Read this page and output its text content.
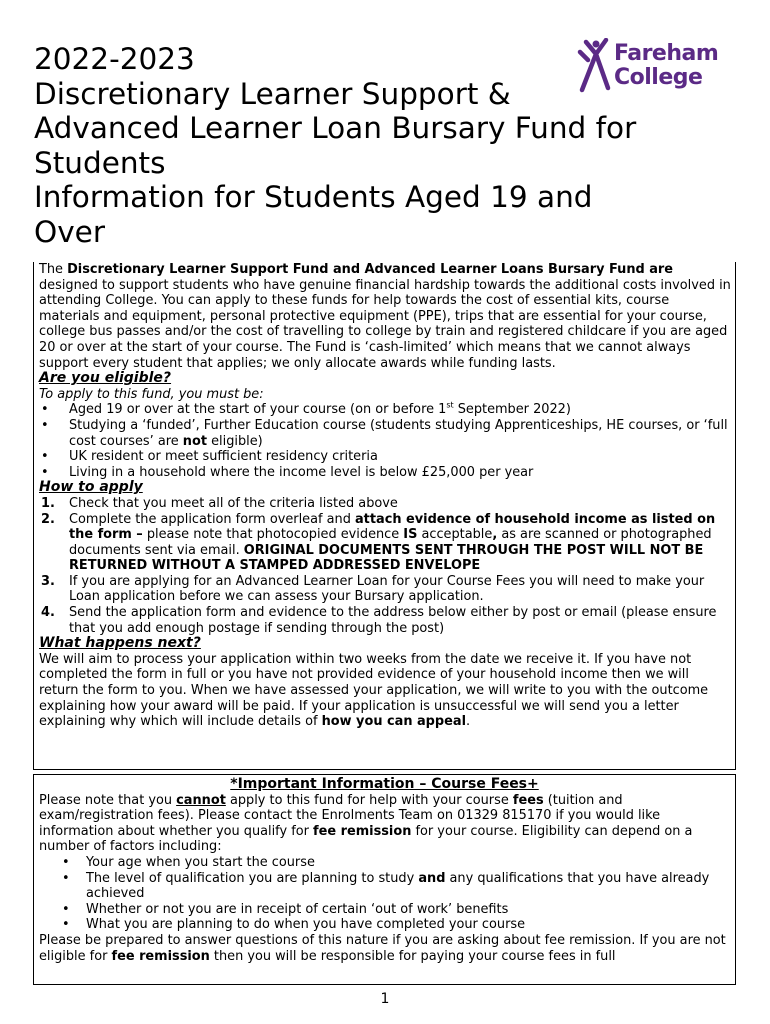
2022-2023
Discretionary Learner Support &
Advanced Learner Loan Bursary Fund for
Students
Information for Students Aged 19 and
Over
Fareham
College

The Discretionary Learner Support Fund and Advanced Learner Loans Bursary Fund are designed to support students who have genuine financial hardship towards the additional costs involved in attending College. You can apply to these funds for help towards the cost of essential kits, course materials and equipment, personal protective equipment (PPE), trips that are essential for your course, college bus passes and/or the cost of travelling to college by train and registered childcare if you are aged 20 or over at the start of your course. The Fund is ‘cash-limited’ which means that we cannot always support every student that applies; we only allocate awards while funding lasts.

Are you eligible?

To apply to this fund, you must be:

• Aged 19 or over at the start of your course (on or before 1st September 2022)
• Studying a ‘funded’, Further Education course (students studying Apprenticeships, HE courses, or ‘full cost courses’ are not eligible)
• UK resident or meet sufficient residency criteria
• Living in a household where the income level is below £25,000 per year

How to apply

1. Check that you meet all of the criteria listed above
2. Complete the application form overleaf and attach evidence of household income as listed on the form – please note that photocopied evidence IS acceptable, as are scanned or photographed documents sent via email. ORIGINAL DOCUMENTS SENT THROUGH THE POST WILL NOT BE RETURNED WITHOUT A STAMPED ADDRESSED ENVELOPE
3. If you are applying for an Advanced Learner Loan for your Course Fees you will need to make your Loan application before we can assess your Bursary application.
4. Send the application form and evidence to the address below either by post or email (please ensure that you add enough postage if sending through the post)

What happens next?

We will aim to process your application within two weeks from the date we receive it. If you have not completed the form in full or you have not provided evidence of your household income then we will return the form to you. When we have assessed your application, we will write to you with the outcome explaining how your award will be paid. If your application is unsuccessful we will send you a letter explaining why which will include details of how you can appeal.

*Important Information – Course Fees+

Please note that you cannot apply to this fund for help with your course fees (tuition and exam/registration fees). Please contact the Enrolments Team on 01329 815170 if you would like information about whether you qualify for fee remission for your course. Eligibility can depend on a number of factors including:

• Your age when you start the course
• The level of qualification you are planning to study and any qualifications that you have already achieved
• Whether or not you are in receipt of certain ‘out of work’ benefits
• What you are planning to do when you have completed your course

Please be prepared to answer questions of this nature if you are asking about fee remission. If you are not eligible for fee remission then you will be responsible for paying your course fees in full

1
